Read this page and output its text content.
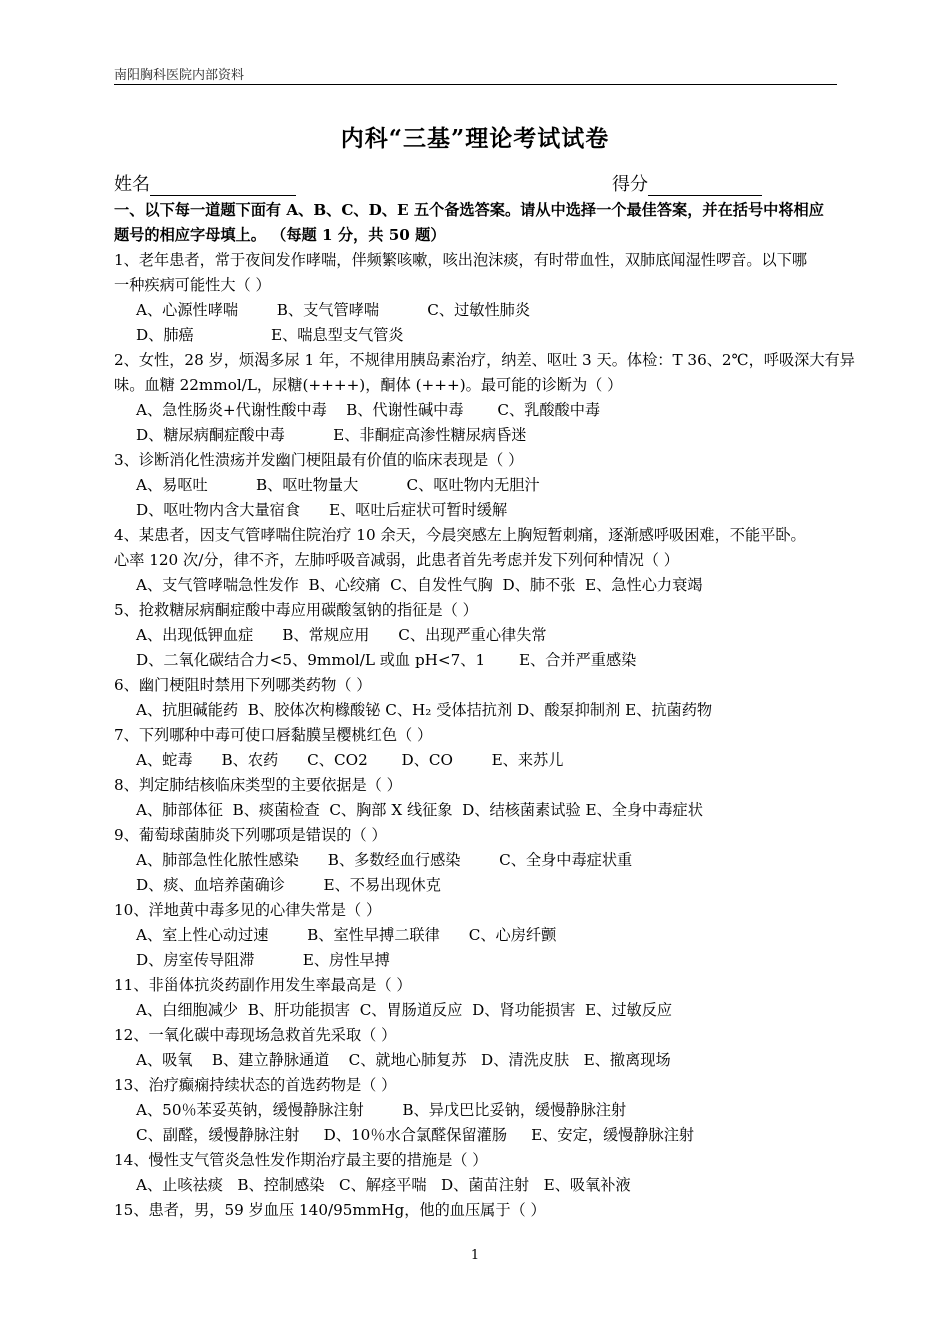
南阳胸科医院内部资料
内科“三基”理论考试试卷
姓名	得分
一、以下每一道题下面有 A、B、C、D、E 五个备选答案。请从中选择一个最佳答案，并在括号中将相应
题号的相应字母填上。 （每题 1 分，共 50 题）
1、老年患者，常于夜间发作哮喘，伴频繁咳嗽，咳出泡沫痰，有时带血性，双肺底闻湿性啰音。以下哪
一种疾病可能性大（ ）
A、心源性哮喘        B、支气管哮喘          C、过敏性肺炎
D、肺癌                E、喘息型支气管炎
2、女性，28 岁，烦渴多尿 1 年，不规律用胰岛素治疗，纳差、呕吐 3 天。体检：T 36、2℃，呼吸深大有异
味。血糖 22mmol/L，尿糖(++++)，酮体 (+++)。最可能的诊断为（ ）
A、急性肠炎+代谢性酸中毒    B、代谢性碱中毒       C、乳酸酸中毒
D、糖尿病酮症酸中毒          E、非酮症高渗性糖尿病昏迷
3、诊断消化性溃疡并发幽门梗阻最有价值的临床表现是（ ）
A、易呕吐          B、呕吐物量大          C、呕吐物内无胆汁
D、呕吐物内含大量宿食      E、呕吐后症状可暂时缓解
4、某患者，因支气管哮喘住院治疗 10 余天，今晨突感左上胸短暂刺痛，逐渐感呼吸困难，不能平卧。
心率 120 次/分，律不齐，左肺呼吸音减弱，此患者首先考虑并发下列何种情况（ ）
A、支气管哮喘急性发作  B、心绞痛  C、自发性气胸  D、肺不张  E、急性心力衰竭
5、抢救糖尿病酮症酸中毒应用碳酸氢钠的指征是（ ）
A、出现低钾血症      B、常规应用      C、出现严重心律失常
D、二氧化碳结合力<5、9mmol/L 或血 pH<7、1       E、合并严重感染
6、幽门梗阻时禁用下列哪类药物（ ）
A、抗胆碱能药  B、胶体次枸橼酸铋 C、H₂ 受体拮抗剂 D、酸泵抑制剂 E、抗菌药物
7、下列哪种中毒可使口唇黏膜呈樱桃红色（ ）
A、蛇毒      B、农药      C、CO2       D、CO        E、来苏儿
8、判定肺结核临床类型的主要依据是（ ）
A、肺部体征  B、痰菌检查  C、胸部 X 线征象  D、结核菌素试验 E、全身中毒症状
9、葡萄球菌肺炎下列哪项是错误的（ ）
A、肺部急性化脓性感染      B、多数经血行感染        C、全身中毒症状重
D、痰、血培养菌确诊        E、不易出现休克
10、洋地黄中毒多见的心律失常是（ ）
A、室上性心动过速        B、室性早搏二联律      C、心房纤颤
D、房室传导阻滞          E、房性早搏
11、非甾体抗炎药副作用发生率最高是（ ）
A、白细胞减少  B、肝功能损害  C、胃肠道反应  D、肾功能损害  E、过敏反应
12、一氧化碳中毒现场急救首先采取（ ）
A、吸氧    B、建立静脉通道    C、就地心肺复苏   D、清洗皮肤   E、撤离现场
13、治疗癫痫持续状态的首选药物是（ ）
A、50％苯妥英钠，缓慢静脉注射        B、异戊巴比妥钠，缓慢静脉注射
C、副醛，缓慢静脉注射     D、10％水合氯醛保留灌肠     E、安定，缓慢静脉注射
14、慢性支气管炎急性发作期治疗最主要的措施是（ ）
A、止咳祛痰   B、控制感染   C、解痉平喘   D、菌苗注射   E、吸氧补液
15、患者，男，59 岁血压 140/95mmHg，他的血压属于（ ）
1
